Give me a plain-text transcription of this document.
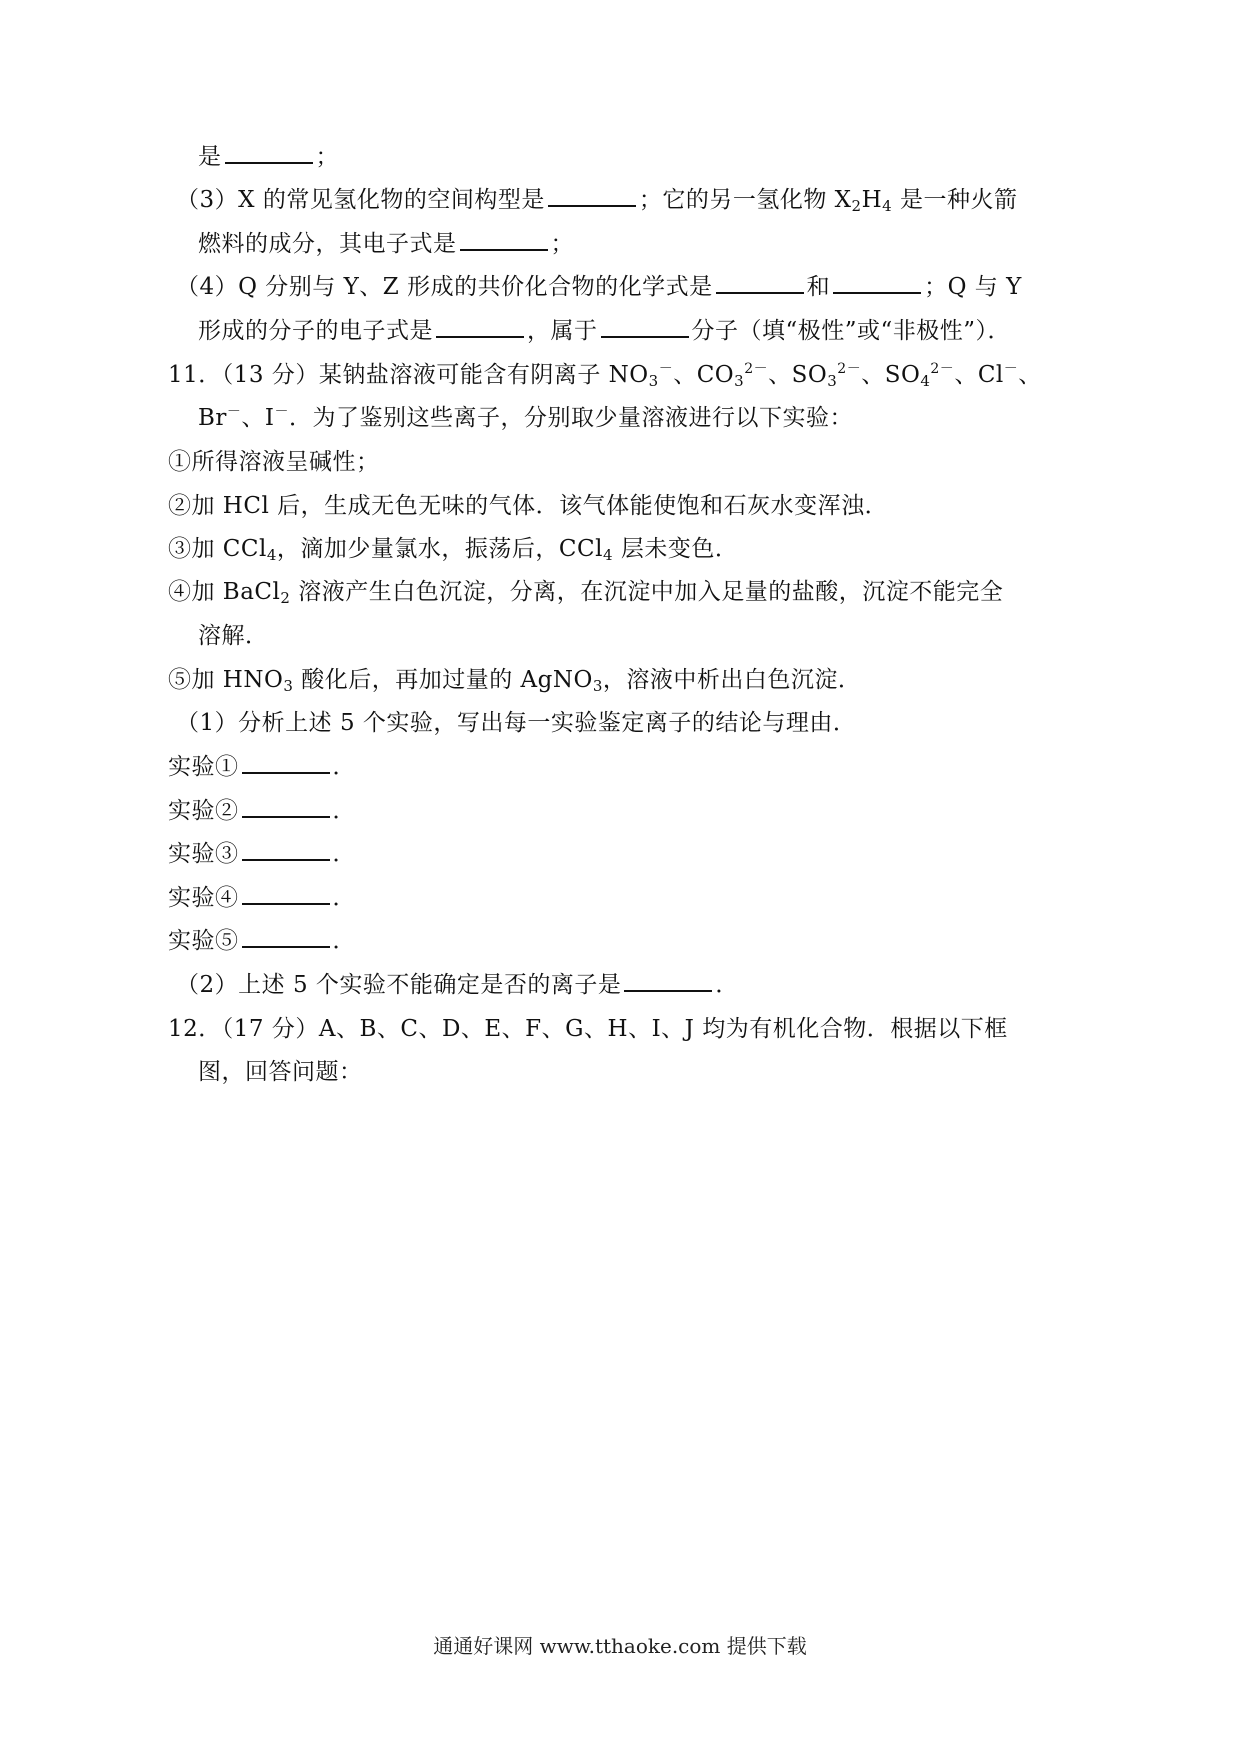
是	；
（3）X 的常见氢化物的空间构型是	；它的另一氢化物 $X_2H_4$ 是一种火箭
燃料的成分，其电子式是	；
（4）Q 分别与 Y、Z 形成的共价化合物的化学式是	和	；Q 与 Y
形成的分子的电子式是	，属于	分子（填“极性”或“非极性”）．
11．（13 分）某钠盐溶液可能含有阴离子 $NO_3^-$、$CO_3^{2-}$、$SO_3^{2-}$、$SO_4^{2-}$、Cl－、
Br－、I－．为了鉴别这些离子，分别取少量溶液进行以下实验：
①所得溶液呈碱性；
②加 HCl 后，生成无色无味的气体．该气体能使饱和石灰水变浑浊．
③加 CCl$_4$，滴加少量氯水，振荡后，CCl$_4$ 层未变色．
④加 BaCl$_2$ 溶液产生白色沉淀，分离，在沉淀中加入足量的盐酸，沉淀不能完全
溶解．
⑤加 $HNO_3$ 酸化后，再加过量的 AgNO$_3$，溶液中析出白色沉淀．
（1）分析上述 5 个实验，写出每一实验鉴定离子的结论与理由．
实验①	．
实验②	．
实验③	．
实验④	．
实验⑤	．
（2）上述 5 个实验不能确定是否的离子是	．
12．（17 分）A、B、C、D、E、F、G、H、I、J 均为有机化合物．根据以下框
图，回答问题：
通通好课网 www.tthaoke.com 提供下载
